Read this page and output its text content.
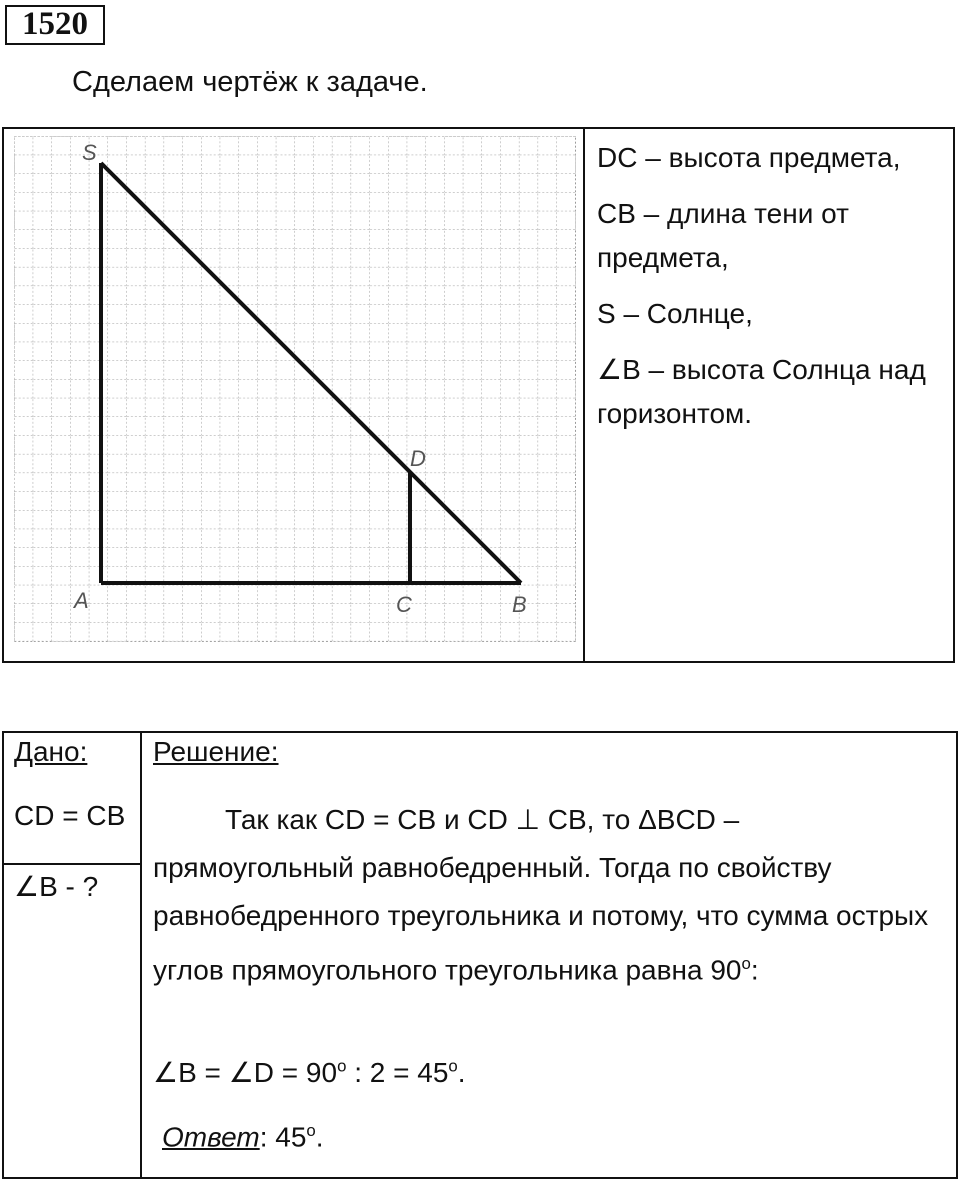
1520
Сделаем чертёж к задаче.
S
D
A	C	B

DC – высота предмета,

CB – длина тени от предмета,

S – Солнце,

∠B – высота Солнца над горизонтом.

Дано:
CD = CB
∠B - ?
Решение:
Так как CD = CB и CD ⊥ CB, то ΔBCD – прямоугольный равнобедренный. Тогда по свойству равнобедренного треугольника и потому, что сумма острых углов прямоугольного треугольника равна 90$^o$:
∠B = ∠D = $90^o$ : $2 = 45^o$.
Ответ: 45$^o$.
